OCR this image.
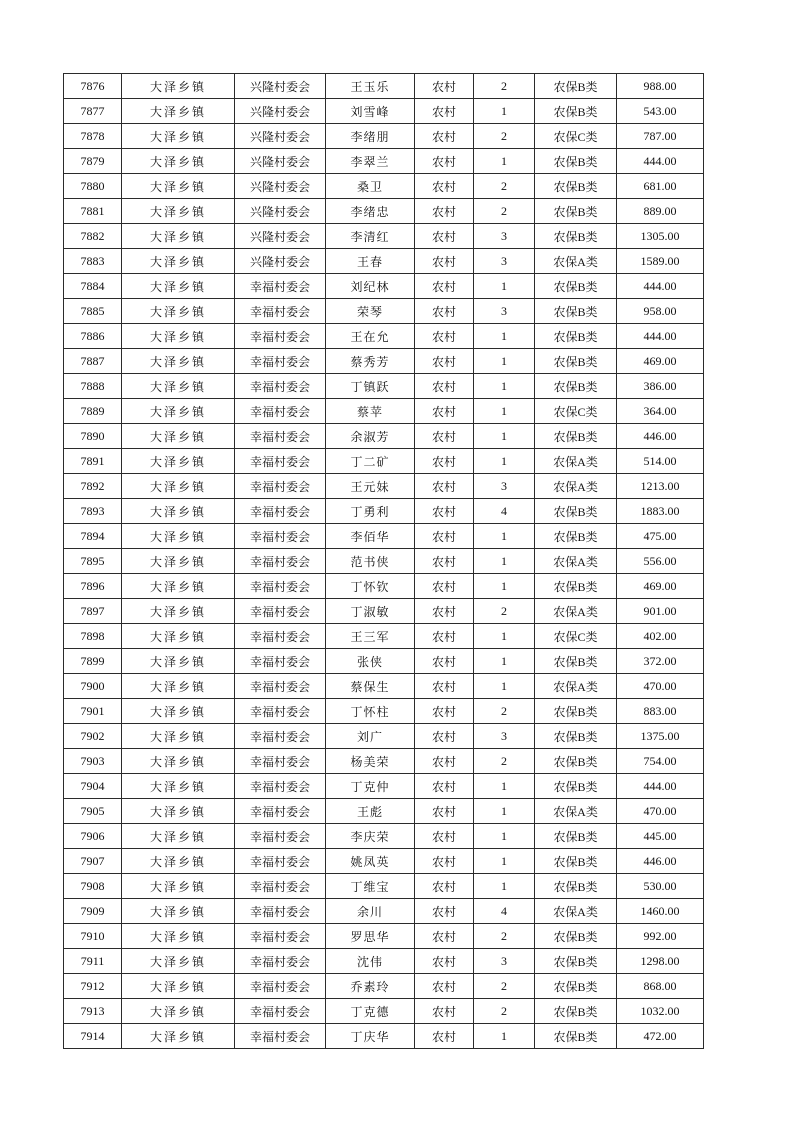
7876	大泽乡镇	兴隆村委会	王玉乐	农村	2	农保B类	988.00
7877	大泽乡镇	兴隆村委会	刘雪峰	农村	1	农保B类	543.00
7878	大泽乡镇	兴隆村委会	李绪朋	农村	2	农保C类	787.00
7879	大泽乡镇	兴隆村委会	李翠兰	农村	1	农保B类	444.00
7880	大泽乡镇	兴隆村委会	桑卫	农村	2	农保B类	681.00
7881	大泽乡镇	兴隆村委会	李绪忠	农村	2	农保B类	889.00
7882	大泽乡镇	兴隆村委会	李清红	农村	3	农保B类	1305.00
7883	大泽乡镇	兴隆村委会	王春	农村	3	农保A类	1589.00
7884	大泽乡镇	幸福村委会	刘纪林	农村	1	农保B类	444.00
7885	大泽乡镇	幸福村委会	荣琴	农村	3	农保B类	958.00
7886	大泽乡镇	幸福村委会	王在允	农村	1	农保B类	444.00
7887	大泽乡镇	幸福村委会	蔡秀芳	农村	1	农保B类	469.00
7888	大泽乡镇	幸福村委会	丁镇跃	农村	1	农保B类	386.00
7889	大泽乡镇	幸福村委会	蔡苹	农村	1	农保C类	364.00
7890	大泽乡镇	幸福村委会	余淑芳	农村	1	农保B类	446.00
7891	大泽乡镇	幸福村委会	丁二矿	农村	1	农保A类	514.00
7892	大泽乡镇	幸福村委会	王元妹	农村	3	农保A类	1213.00
7893	大泽乡镇	幸福村委会	丁勇利	农村	4	农保B类	1883.00
7894	大泽乡镇	幸福村委会	李佰华	农村	1	农保B类	475.00
7895	大泽乡镇	幸福村委会	范书侠	农村	1	农保A类	556.00
7896	大泽乡镇	幸福村委会	丁怀钦	农村	1	农保B类	469.00
7897	大泽乡镇	幸福村委会	丁淑敏	农村	2	农保A类	901.00
7898	大泽乡镇	幸福村委会	王三军	农村	1	农保C类	402.00
7899	大泽乡镇	幸福村委会	张侠	农村	1	农保B类	372.00
7900	大泽乡镇	幸福村委会	蔡保生	农村	1	农保A类	470.00
7901	大泽乡镇	幸福村委会	丁怀柱	农村	2	农保B类	883.00
7902	大泽乡镇	幸福村委会	刘广	农村	3	农保B类	1375.00
7903	大泽乡镇	幸福村委会	杨美荣	农村	2	农保B类	754.00
7904	大泽乡镇	幸福村委会	丁克仲	农村	1	农保B类	444.00
7905	大泽乡镇	幸福村委会	王彪	农村	1	农保A类	470.00
7906	大泽乡镇	幸福村委会	李庆荣	农村	1	农保B类	445.00
7907	大泽乡镇	幸福村委会	姚凤英	农村	1	农保B类	446.00
7908	大泽乡镇	幸福村委会	丁维宝	农村	1	农保B类	530.00
7909	大泽乡镇	幸福村委会	余川	农村	4	农保A类	1460.00
7910	大泽乡镇	幸福村委会	罗思华	农村	2	农保B类	992.00
7911	大泽乡镇	幸福村委会	沈伟	农村	3	农保B类	1298.00
7912	大泽乡镇	幸福村委会	乔素玲	农村	2	农保B类	868.00
7913	大泽乡镇	幸福村委会	丁克德	农村	2	农保B类	1032.00
7914	大泽乡镇	幸福村委会	丁庆华	农村	1	农保B类	472.00
